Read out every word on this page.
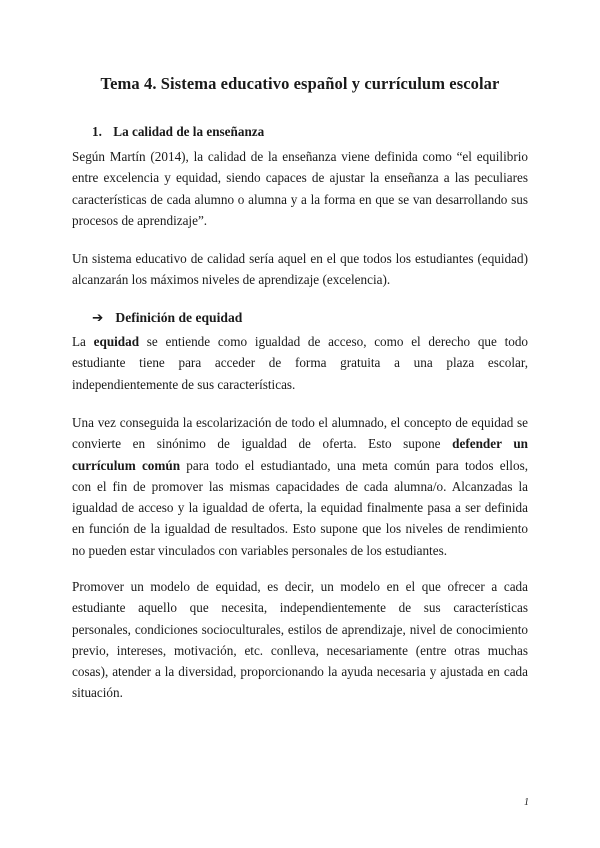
Tema 4. Sistema educativo español y currículum escolar
1. La calidad de la enseñanza
Según Martín (2014), la calidad de la enseñanza viene definida como “el equilibrio
entre excelencia y equidad, siendo capaces de ajustar la enseñanza a las peculiares
características de cada alumno o alumna y a la forma en que se van desarrollando sus
procesos de aprendizaje”.
Un sistema educativo de calidad sería aquel en el que todos los estudiantes (equidad)
alcanzarán los máximos niveles de aprendizaje (excelencia).
➔ Definición de equidad
La equidad se entiende como igualdad de acceso, como el derecho que todo
estudiante tiene para acceder de forma gratuita a una plaza escolar,
independientemente de sus características.
Una vez conseguida la escolarización de todo el alumnado, el concepto de equidad se
convierte en sinónimo de igualdad de oferta. Esto supone defender un
currículum común para todo el estudiantado, una meta común para todos ellos,
con el fin de promover las mismas capacidades de cada alumna/o. Alcanzadas la
igualdad de acceso y la igualdad de oferta, la equidad finalmente pasa a ser definida
en función de la igualdad de resultados. Esto supone que los niveles de rendimiento
no pueden estar vinculados con variables personales de los estudiantes.
Promover un modelo de equidad, es decir, un modelo en el que ofrecer a cada
estudiante aquello que necesita, independientemente de sus características
personales, condiciones socioculturales, estilos de aprendizaje, nivel de conocimiento
previo, intereses, motivación, etc. conlleva, necesariamente (entre otras muchas
cosas), atender a la diversidad, proporcionando la ayuda necesaria y ajustada en cada
situación.
1
